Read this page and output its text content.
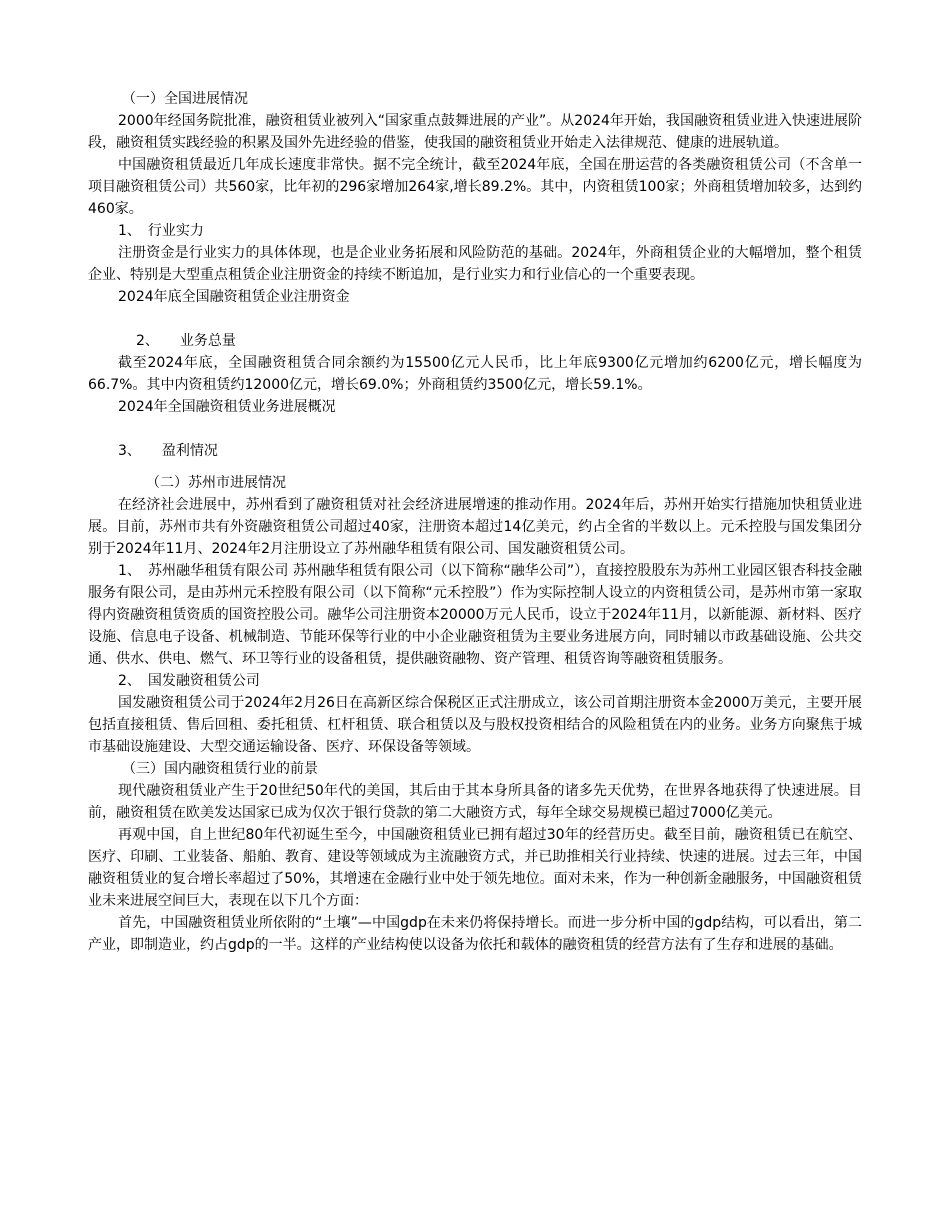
（一）全国进展情况

2000年经国务院批准，融资租赁业被列入“国家重点鼓舞进展的产业”。从2024年开始，我国融资租赁业进入快速进展阶段，融资租赁实践经验的积累及国外先进经验的借鉴，使我国的融资租赁业开始走入法律规范、健康的进展轨道。

中国融资租赁最近几年成长速度非常快。据不完全统计，截至2024年底，全国在册运营的各类融资租赁公司（不含单一项目融资租赁公司）共560家，比年初的296家增加264家,增长89.2%。其中，内资租赁100家；外商租赁增加较多，达到约460家。

1、　行业实力

注册资金是行业实力的具体体现，也是企业业务拓展和风险防范的基础。2024年，外商租赁企业的大幅增加，整个租赁企业、特别是大型重点租赁企业注册资金的持续不断追加，是行业实力和行业信心的一个重要表现。

2024年底全国融资租赁企业注册资金

2、　　业务总量

截至2024年底，全国融资租赁合同余额约为15500亿元人民币，比上年底9300亿元增加约6200亿元，增长幅度为66.7%。其中内资租赁约12000亿元，增长69.0%；外商租赁约3500亿元，增长59.1%。

2024年全国融资租赁业务进展概况

3、　　盈利情况

（二）苏州市进展情况

在经济社会进展中，苏州看到了融资租赁对社会经济进展增速的推动作用。2024年后，苏州开始实行措施加快租赁业进展。目前，苏州市共有外资融资租赁公司超过40家，注册资本超过14亿美元，约占全省的半数以上。元禾控股与国发集团分别于2024年11月、2024年2月注册设立了苏州融华租赁有限公司、国发融资租赁公司。

1、　苏州融华租赁有限公司 苏州融华租赁有限公司（以下简称“融华公司”），直接控股股东为苏州工业园区银杏科技金融服务有限公司，是由苏州元禾控股有限公司（以下简称“元禾控股”）作为实际控制人设立的内资租赁公司，是苏州市第一家取得内资融资租赁资质的国资控股公司。融华公司注册资本20000万元人民币，设立于2024年11月，以新能源、新材料、医疗设施、信息电子设备、机械制造、节能环保等行业的中小企业融资租赁为主要业务进展方向，同时辅以市政基础设施、公共交通、供水、供电、燃气、环卫等行业的设备租赁，提供融资融物、资产管理、租赁咨询等融资租赁服务。

2、　国发融资租赁公司

国发融资租赁公司于2024年2月26日在高新区综合保税区正式注册成立，该公司首期注册资本金2000万美元，主要开展包括直接租赁、售后回租、委托租赁、杠杆租赁、联合租赁以及与股权投资相结合的风险租赁在内的业务。业务方向聚焦于城市基础设施建设、大型交通运输设备、医疗、环保设备等领域。

（三）国内融资租赁行业的前景

现代融资租赁业产生于20世纪50年代的美国，其后由于其本身所具备的诸多先天优势，在世界各地获得了快速进展。目前，融资租赁在欧美发达国家已成为仅次于银行贷款的第二大融资方式，每年全球交易规模已超过7000亿美元。

再观中国，自上世纪80年代初诞生至今，中国融资租赁业已拥有超过30年的经营历史。截至目前，融资租赁已在航空、医疗、印刷、工业装备、船舶、教育、建设等领域成为主流融资方式，并已助推相关行业持续、快速的进展。过去三年，中国融资租赁业的复合增长率超过了50%，其增速在金融行业中处于领先地位。面对未来，作为一种创新金融服务，中国融资租赁业未来进展空间巨大，表现在以下几个方面：

首先，中国融资租赁业所依附的“土壤”—中国gdp在未来仍将保持增长。而进一步分析中国的gdp结构，可以看出，第二产业，即制造业，约占gdp的一半。这样的产业结构使以设备为依托和载体的融资租赁的经营方法有了生存和进展的基础。
